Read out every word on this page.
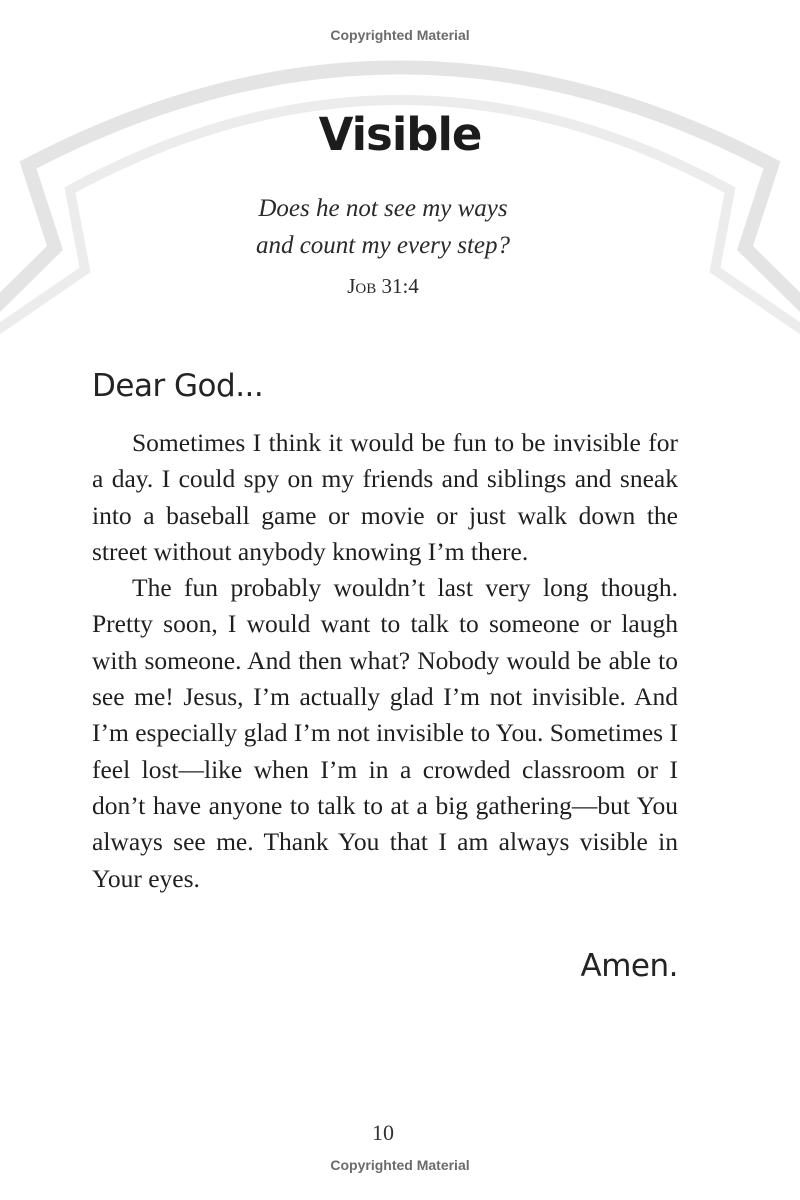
Copyrighted Material
Visible
Does he not see my ways
and count my every step?
Job 31:4
Dear God...

Sometimes I think it would be fun to be invisible for a day. I could spy on my friends and siblings and sneak into a baseball game or movie or just walk down the street without anybody knowing I’m there.

The fun probably wouldn’t last very long though. Pretty soon, I would want to talk to someone or laugh with someone. And then what? Nobody would be able to see me! Jesus, I’m actually glad I’m not invisible. And I’m especially glad I’m not invisible to You. Sometimes I feel lost—like when I’m in a crowded classroom or I don’t have anyone to talk to at a big gathering—but You always see me. Thank You that I am always visible in Your eyes.

Amen.
10
Copyrighted Material
